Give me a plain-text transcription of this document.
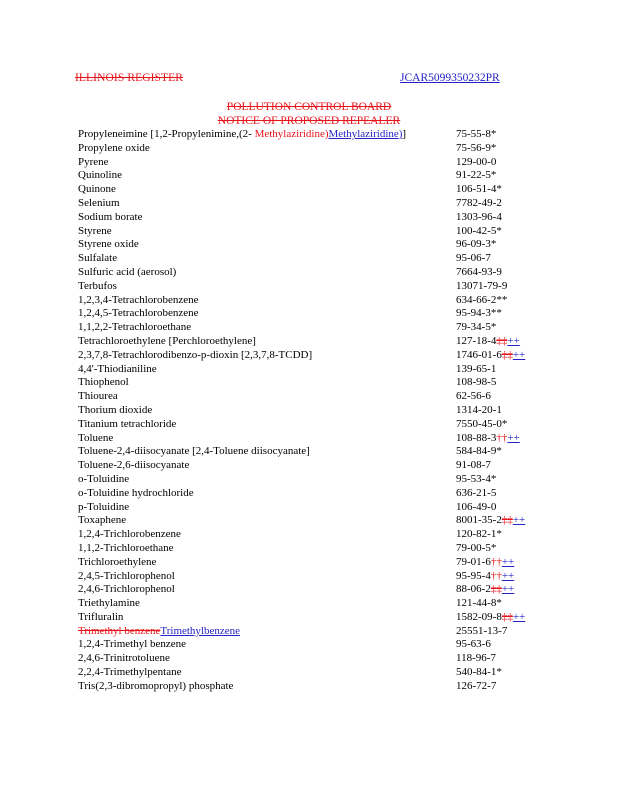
ILLINOIS REGISTER	JCAR5099350232PR
POLLUTION CONTROL BOARD
NOTICE OF PROPOSED REPEALER
Propyleneimine [1,2-Propylenimine,(2- Methylaziridine)Methylaziridine)]	75-55-8*
Propylene oxide	75-56-9*
Pyrene	129-00-0
Quinoline	91-22-5*
Quinone	106-51-4*
Selenium	7782-49-2
Sodium borate	1303-96-4
Styrene	100-42-5*
Styrene oxide	96-09-3*
Sulfalate	95-06-7
Sulfuric acid (aerosol)	7664-93-9
Terbufos	13071-79-9
1,2,3,4-Tetrachlorobenzene	634-66-2**
1,2,4,5-Tetrachlorobenzene	95-94-3**
1,1,2,2-Tetrachloroethane	79-34-5*
Tetrachloroethylene [Perchloroethylene]	127-18-4‡‡++
2,3,7,8-Tetrachlorodibenzo-p-dioxin [2,3,7,8-TCDD]	1746-01-6‡‡++
4,4'-Thiodianiline	139-65-1
Thiophenol	108-98-5
Thiourea	62-56-6
Thorium dioxide	1314-20-1
Titanium tetrachloride	7550-45-0*
Toluene	108-88-3††++
Toluene-2,4-diisocyanate [2,4-Toluene diisocyanate]	584-84-9*
Toluene-2,6-diisocyanate	91-08-7
o-Toluidine	95-53-4*
o-Toluidine hydrochloride	636-21-5
p-Toluidine	106-49-0
Toxaphene	8001-35-2‡‡++
1,2,4-Trichlorobenzene	120-82-1*
1,1,2-Trichloroethane	79-00-5*
Trichloroethylene	79-01-6††++
2,4,5-Trichlorophenol	95-95-4††++
2,4,6-Trichlorophenol	88-06-2‡‡++
Triethylamine	121-44-8*
Trifluralin	1582-09-8‡‡++
Trimethyl benzeneTrimethylbenzene	25551-13-7
1,2,4-Trimethyl benzene	95-63-6
2,4,6-Trinitrotoluene	118-96-7
2,2,4-Trimethylpentane	540-84-1*
Tris(2,3-dibromopropyl) phosphate	126-72-7
